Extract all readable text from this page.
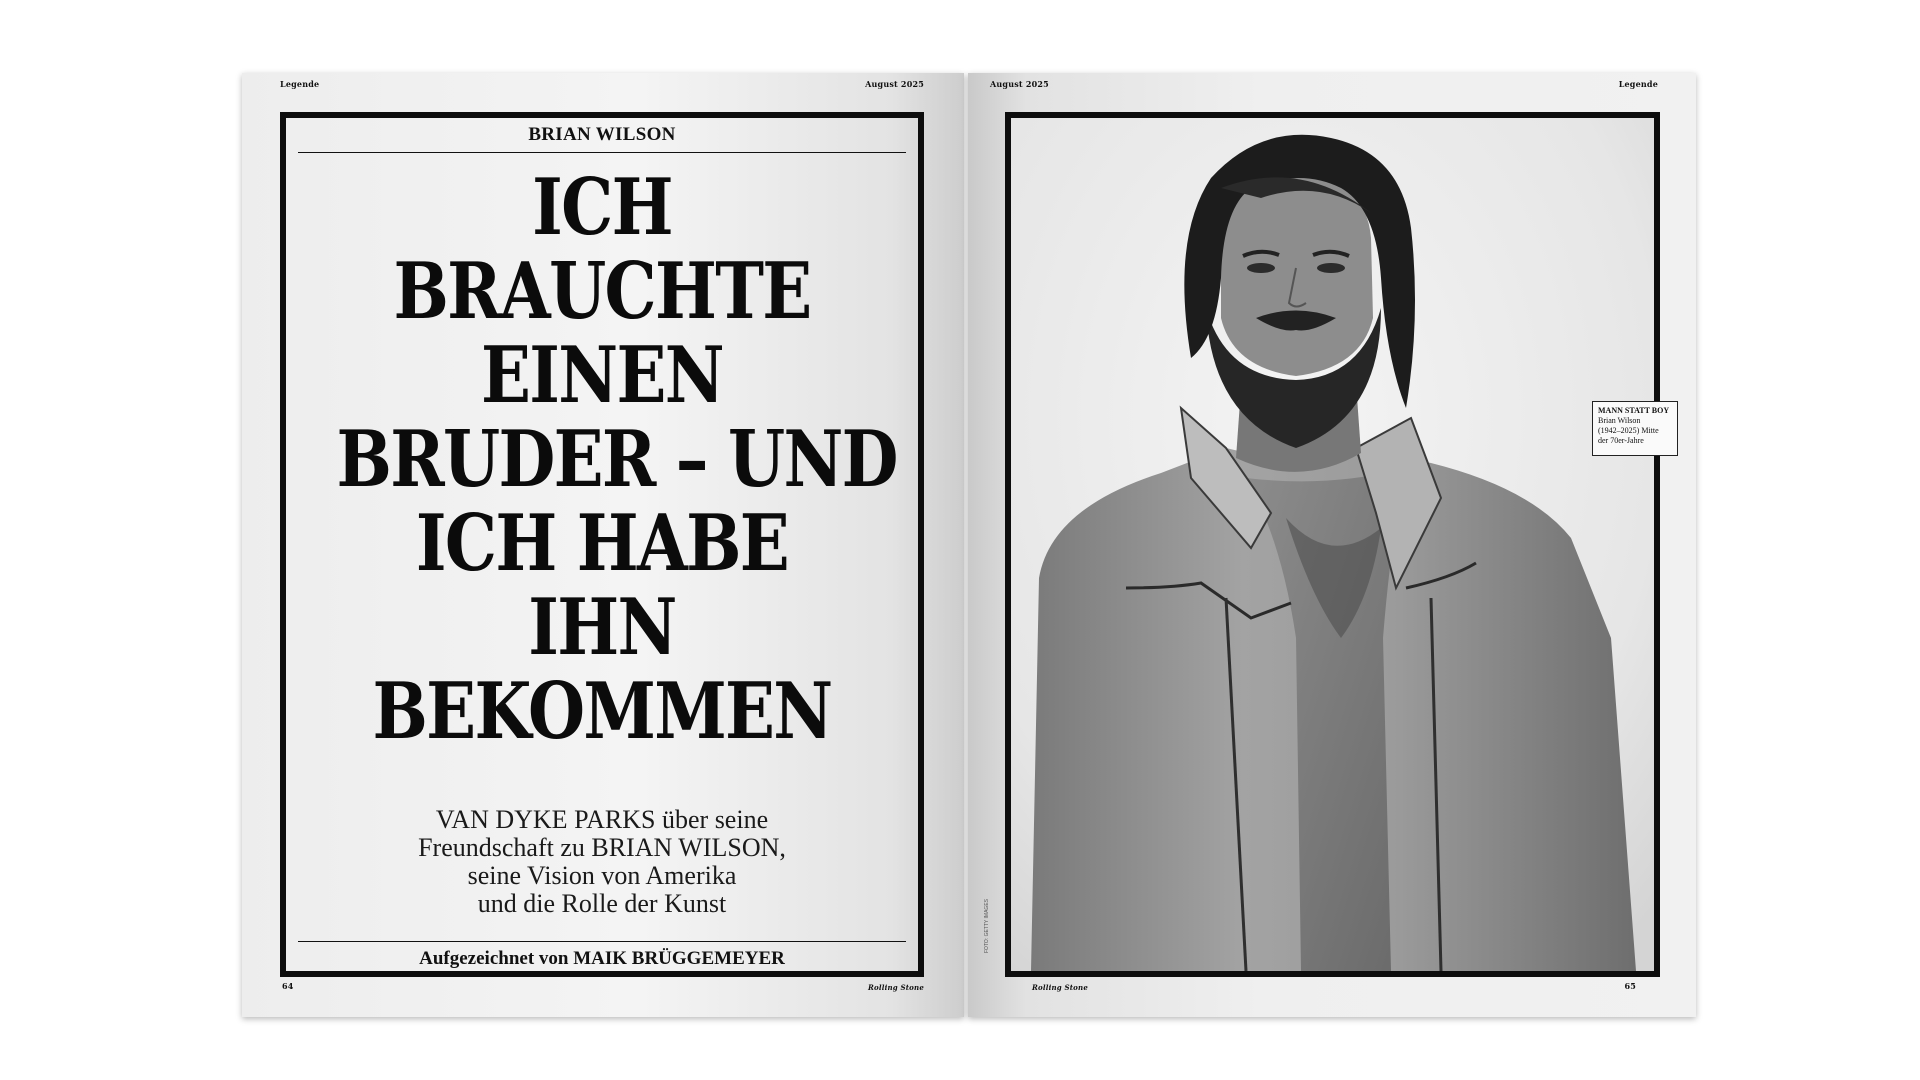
Legende	August 2025
BRIAN WILSON
ICH
BRAUCHTE
EINEN
BRUDER – UND
ICH HABE
IHN
BEKOMMEN
VAN DYKE PARKS über seine
Freundschaft zu BRIAN WILSON,
seine Vision von Amerika
und die Rolle der Kunst
Aufgezeichnet von MAIK BRÜGGEMEYER
64	Rolling Stone
August 2025	Legende
MANN STATT BOY
Brian Wilson
(1942–2025) Mitte
der 70er-Jahre
FOTO: GETTY IMAGES
Rolling Stone	65
